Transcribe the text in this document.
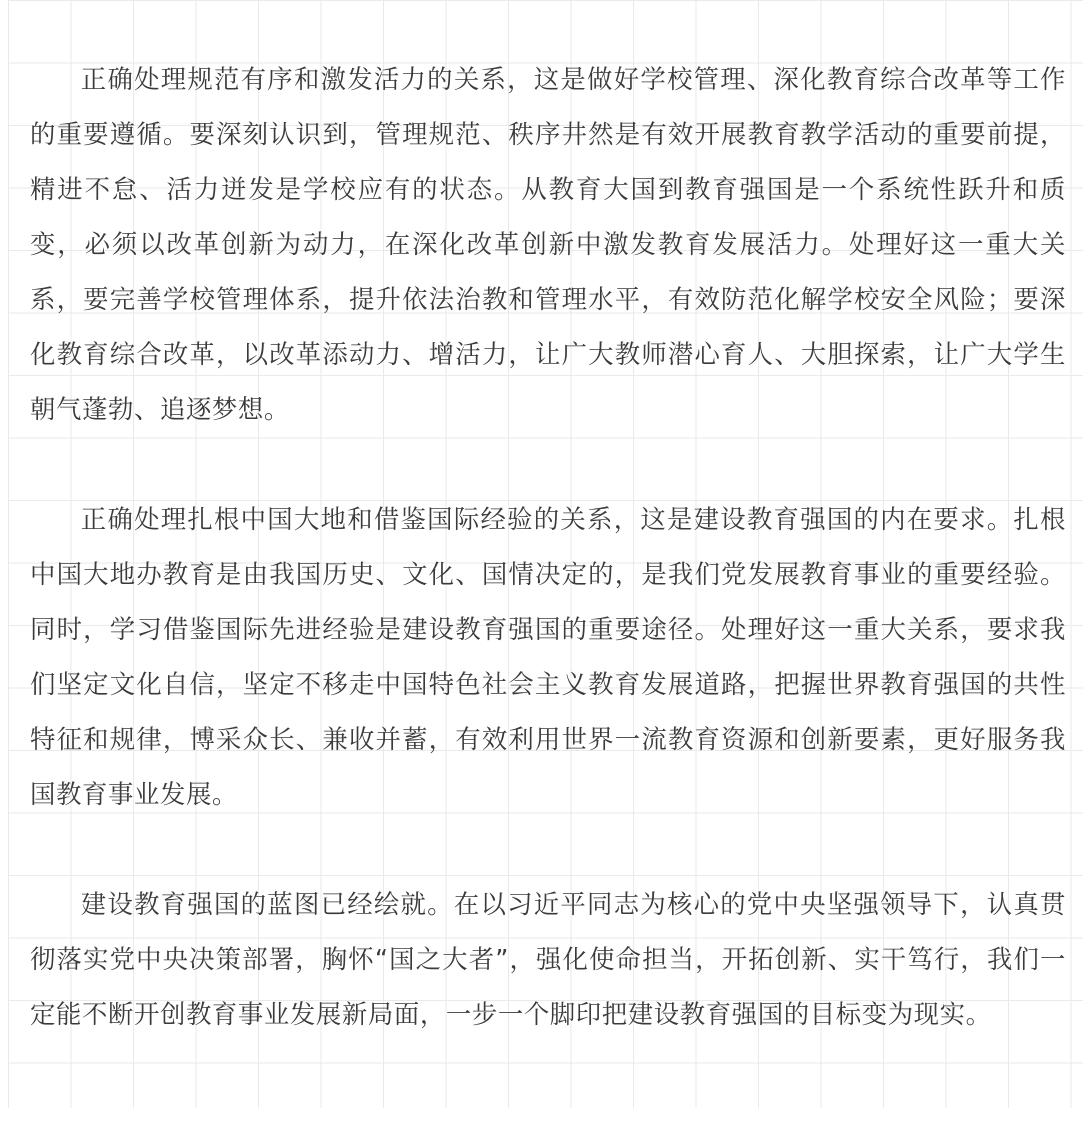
正确处理规范有序和激发活力的关系，这是做好学校管理、深化教育综合改革等工作的重要遵循。要深刻认识到，管理规范、秩序井然是有效开展教育教学活动的重要前提，精进不怠、活力迸发是学校应有的状态。从教育大国到教育强国是一个系统性跃升和质变，必须以改革创新为动力，在深化改革创新中激发教育发展活力。处理好这一重大关系，要完善学校管理体系，提升依法治教和管理水平，有效防范化解学校安全风险；要深化教育综合改革，以改革添动力、增活力，让广大教师潜心育人、大胆探索，让广大学生朝气蓬勃、追逐梦想。

正确处理扎根中国大地和借鉴国际经验的关系，这是建设教育强国的内在要求。扎根中国大地办教育是由我国历史、文化、国情决定的，是我们党发展教育事业的重要经验。同时，学习借鉴国际先进经验是建设教育强国的重要途径。处理好这一重大关系，要求我们坚定文化自信，坚定不移走中国特色社会主义教育发展道路，把握世界教育强国的共性特征和规律，博采众长、兼收并蓄，有效利用世界一流教育资源和创新要素，更好服务我国教育事业发展。

建设教育强国的蓝图已经绘就。在以习近平同志为核心的党中央坚强领导下，认真贯彻落实党中央决策部署，胸怀“国之大者”，强化使命担当，开拓创新、实干笃行，我们一定能不断开创教育事业发展新局面，一步一个脚印把建设教育强国的目标变为现实。
